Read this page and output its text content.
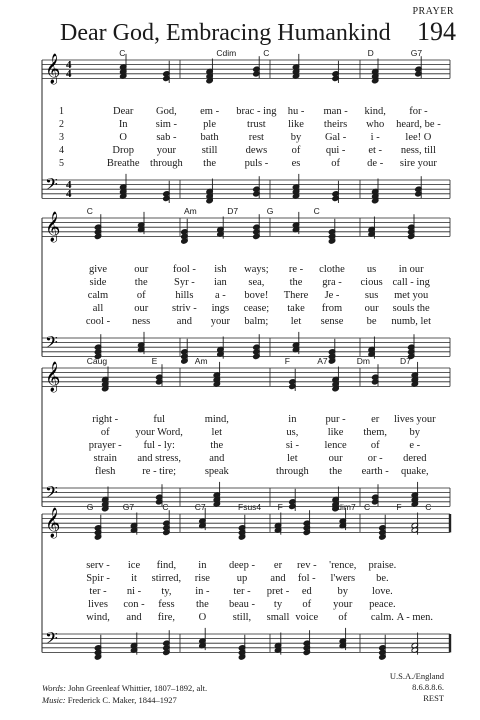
PRAYER
194
Dear God, Embracing Humankind
𝄞
𝄢
4
4
4
4
C	Cdim	C	D	G7
1	Dear God, em - brac - ing hu - man - kind, for -
2	In	sim - ple	trust like theirs who heard, be -
3	O	sab - bath	rest	by Gal - i - lee! O
4	Drop your still	dews of qui - et - ness, till
5	Breathe through the	puls - es	of	de - sire your
𝄞
𝄢
C	Am	D7	G	C
give	our fool - ish ways; re - clothe us in our
side	the	Syr - ian sea, the gra - cious call - ing
calm	of	hills a - bove! There Je - sus met you
all	our striv - ings cease; take from our souls the
cool - ness	and your balm; let sense be numb, let
𝄞
𝄢
Caug	E	Am	F	A7	Dm	D7
right -	ful	mind,	in	pur - er lives your
of your Word,	let	us,	like them, by
prayer - ful - ly:	the	si - lence of	e -
strain and stress,	and	let	our or - dered
flesh	re - tire;	speak	through the earth - quake,
𝄞
𝄢
G	G7	C	C7	Fsus4 F	Bdim7 C	F	C
serv - ice find, in deep - er rev - 'rence, praise.
Spir - it stirred, rise	up and fol - l'wers be.
ter - ni - ty, in - ter - pret - ed by love.
lives con - fess the beau - ty of your peace.
wind, and fire, O	still, small voice of calm. A - men.
Words: John Greenleaf Whittier, 1807–1892, alt.
Music: Frederick C. Maker, 1844–1927
U.S.A./England
8.6.8.8.6.
REST
